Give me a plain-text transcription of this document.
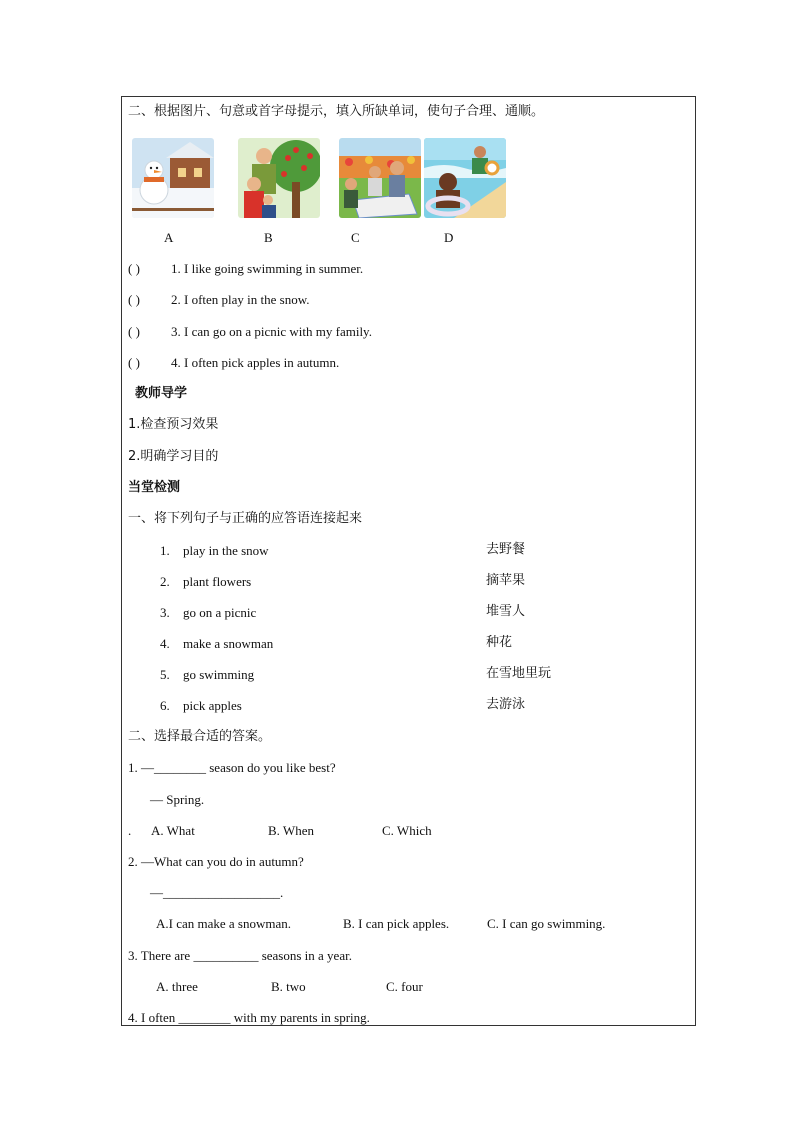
二、根据图片、句意或首字母提示，填入所缺单词，使句子合理、通顺。
A	B	C	D
( ) 1. I like going swimming in summer.
( ) 2. I often play in the snow.
( ) 3. I can go on a picnic with my family.
( ) 4. I often pick apples in autumn.
教师导学
1.检查预习效果
2.明确学习目的
当堂检测
一、将下列句子与正确的应答语连接起来
1. play in the snow	去野餐
2. plant flowers	摘苹果
3. go on a picnic	堆雪人
4. make a snowman	种花
5. go swimming	在雪地里玩
6. pick apples	去游泳
二、选择最合适的答案。
1. —________ season do you like best?
— Spring.
. A. What	B. When	C. Which
2. —What can you do in autumn?
—__________________.
A.I can make a snowman.	B. I can pick apples.	C. I can go swimming.
3. There are __________ seasons in a year.
A. three	B. two	C. four
4. I often ________ with my parents in spring.
